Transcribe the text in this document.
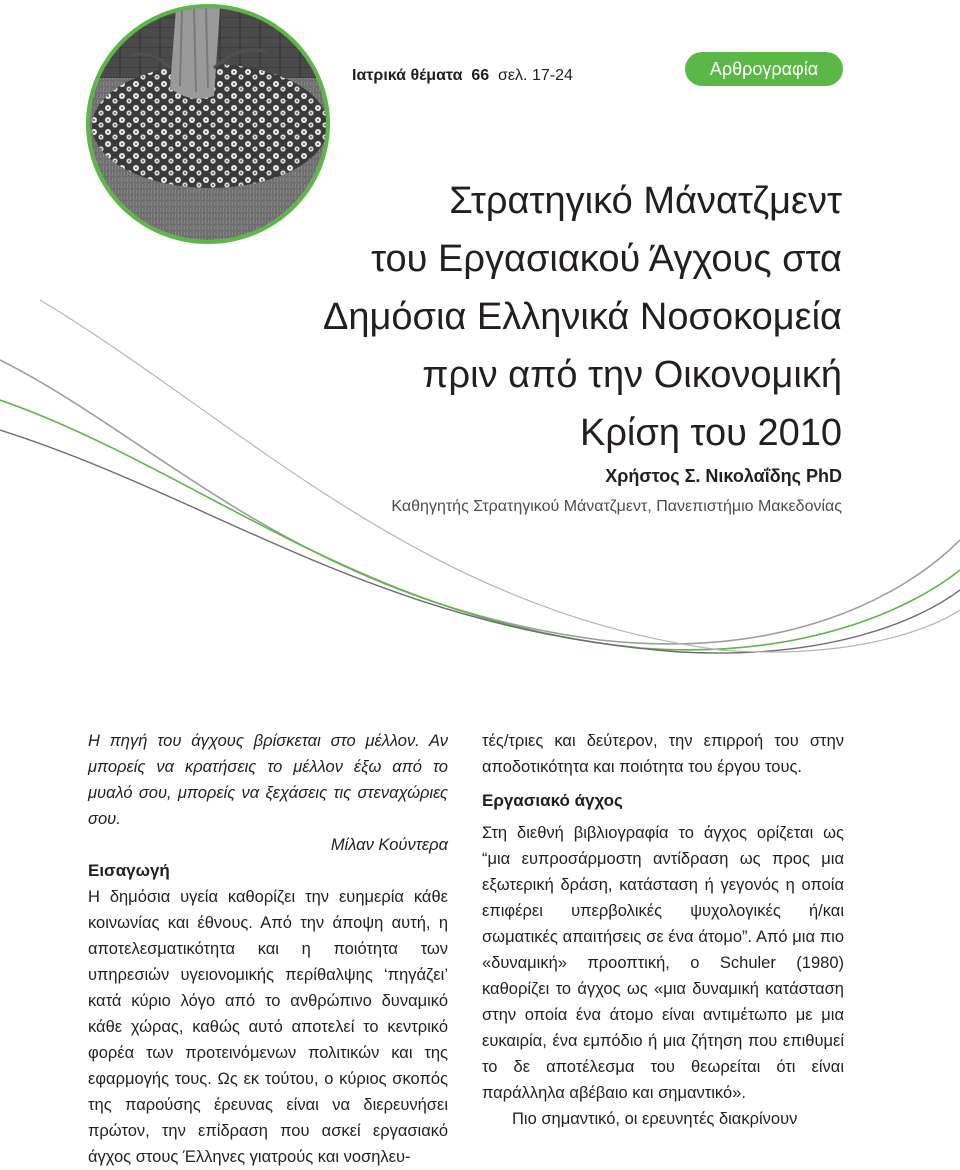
Ιατρικά θέματα 66 σελ. 17-24	Αρθρογραφία
Στρατηγικό Μάνατζμεντ
του Εργασιακού Άγχους στα
Δημόσια Ελληνικά Νοσοκομεία
πριν από την Οικονομική
Κρίση του 2010
Χρήστος Σ. Νικολαΐδης PhD
Καθηγητής Στρατηγικού Μάνατζμεντ, Πανεπιστήμιο Μακεδονίας

Η πηγή του άγχους βρίσκεται στο μέλλον. Αν μπορείς να κρατήσεις το μέλλον έξω από το μυαλό σου, μπορείς να ξεχάσεις τις στεναχώριες σου.

Μίλαν Κούντερα

Εισαγωγή

Η δημόσια υγεία καθορίζει την ευημερία κάθε κοινωνίας και έθνους. Από την άποψη αυτή, η αποτελεσματικότητα και η ποιότητα των υπηρεσιών υγειονομικής περίθαλψης ‘πηγάζει’ κατά κύριο λόγο από το ανθρώπινο δυναμικό κάθε χώρας, καθώς αυτό αποτελεί το κεντρικό φορέα των προτεινόμενων πολιτικών και της εφαρμογής τους. Ως εκ τούτου, ο κύριος σκοπός της παρούσης έρευνας είναι να διερευνήσει πρώτον, την επίδραση που ασκεί εργασιακό άγχος στους Έλληνες γιατρούς και νοσηλευ-

τές/τριες και δεύτερον, την επιρροή του στην αποδοτικότητα και ποιότητα του έργου τους.

Εργασιακό άγχος

Στη διεθνή βιβλιογραφία το άγχος ορίζεται ως “μια ευπροσάρμοστη αντίδραση ως προς μια εξωτερική δράση, κατάσταση ή γεγονός η οποία επιφέρει υπερβολικές ψυχολογικές ή/και σωματικές απαιτήσεις σε ένα άτομο”. Από μια πιο «δυναμική» προοπτική, ο Schuler (1980) καθορίζει το άγχος ως «μια δυναμική κατάσταση στην οποία ένα άτομο είναι αντιμέτωπο με μια ευκαιρία, ένα εμπόδιο ή μια ζήτηση που επιθυμεί το δε αποτέλεσμα του θεωρείται ότι είναι παράλληλα αβέβαιο και σημαντικό».

Πιο σημαντικό, οι ερευνητές διακρίνουν
